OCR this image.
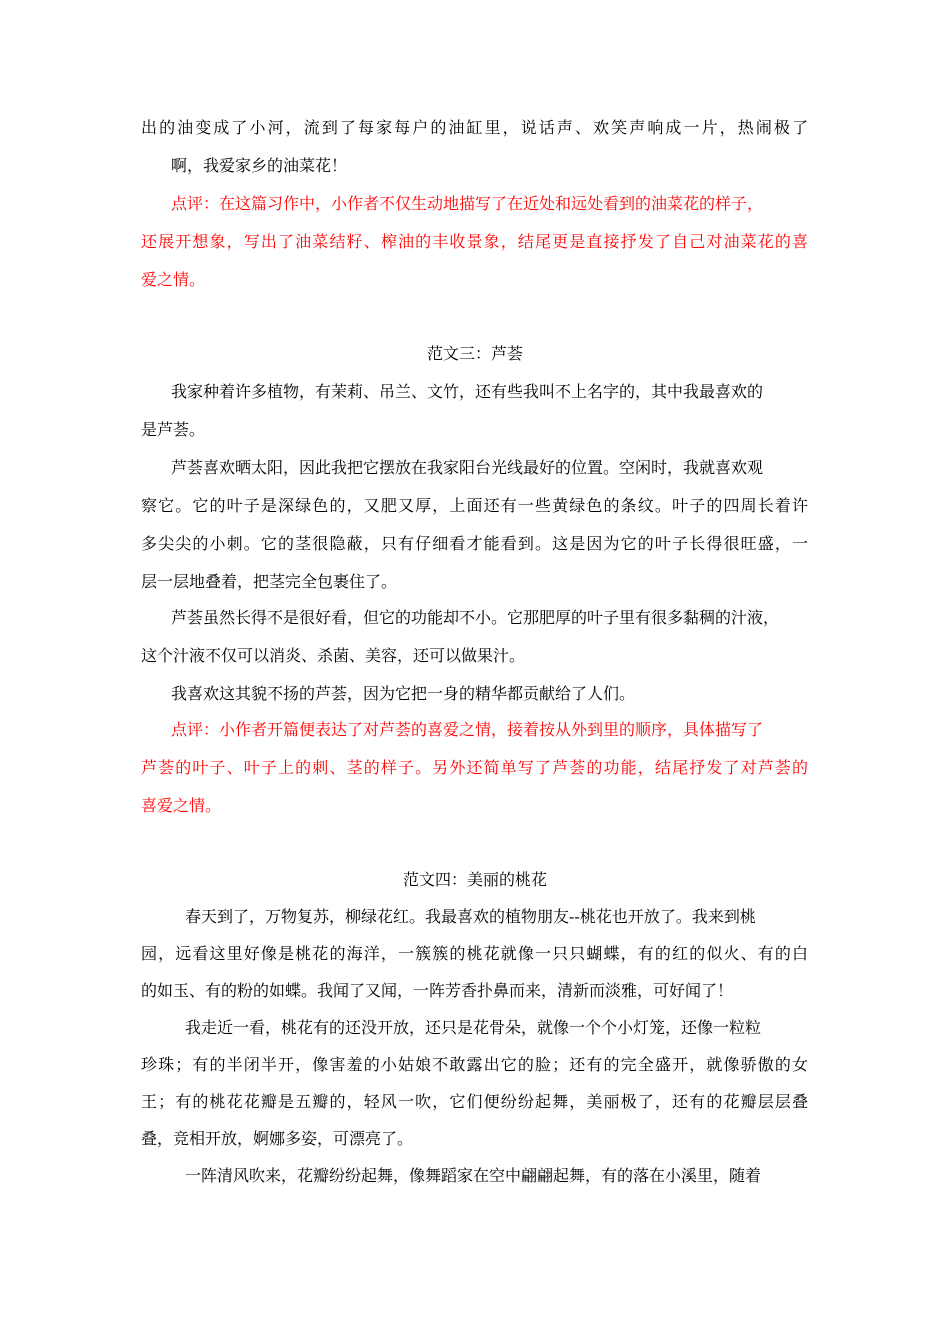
出的油变成了小河，流到了每家每户的油缸里，说话声、欢笑声响成一片，热闹极了
啊，我爱家乡的油菜花！
点评：在这篇习作中，小作者不仅生动地描写了在近处和远处看到的油菜花的样子，
还展开想象，写出了油菜结籽、榨油的丰收景象，结尾更是直接抒发了自己对油菜花的喜
爱之情。
范文三：芦荟
我家种着许多植物，有茉莉、吊兰、文竹，还有些我叫不上名字的，其中我最喜欢的
是芦荟。
芦荟喜欢晒太阳，因此我把它摆放在我家阳台光线最好的位置。空闲时，我就喜欢观
察它。它的叶子是深绿色的，又肥又厚，上面还有一些黄绿色的条纹。叶子的四周长着许
多尖尖的小刺。它的茎很隐蔽，只有仔细看才能看到。这是因为它的叶子长得很旺盛，一
层一层地叠着，把茎完全包裹住了。
芦荟虽然长得不是很好看，但它的功能却不小。它那肥厚的叶子里有很多黏稠的汁液，
这个汁液不仅可以消炎、杀菌、美容，还可以做果汁。
我喜欢这其貌不扬的芦荟，因为它把一身的精华都贡献给了人们。
点评：小作者开篇便表达了对芦荟的喜爱之情，接着按从外到里的顺序，具体描写了
芦荟的叶子、叶子上的刺、茎的样子。另外还简单写了芦荟的功能，结尾抒发了对芦荟的
喜爱之情。
范文四：美丽的桃花
春天到了，万物复苏，柳绿花红。我最喜欢的植物朋友--桃花也开放了。我来到桃
园，远看这里好像是桃花的海洋，一簇簇的桃花就像一只只蝴蝶，有的红的似火、有的白
的如玉、有的粉的如蝶。我闻了又闻，一阵芳香扑鼻而来，清新而淡雅，可好闻了！
我走近一看，桃花有的还没开放，还只是花骨朵，就像一个个小灯笼，还像一粒粒
珍珠；有的半闭半开，像害羞的小姑娘不敢露出它的脸；还有的完全盛开，就像骄傲的女
王；有的桃花花瓣是五瓣的，轻风一吹，它们便纷纷起舞，美丽极了，还有的花瓣层层叠
叠，竞相开放，婀娜多姿，可漂亮了。
一阵清风吹来，花瓣纷纷起舞，像舞蹈家在空中翩翩起舞，有的落在小溪里，随着
